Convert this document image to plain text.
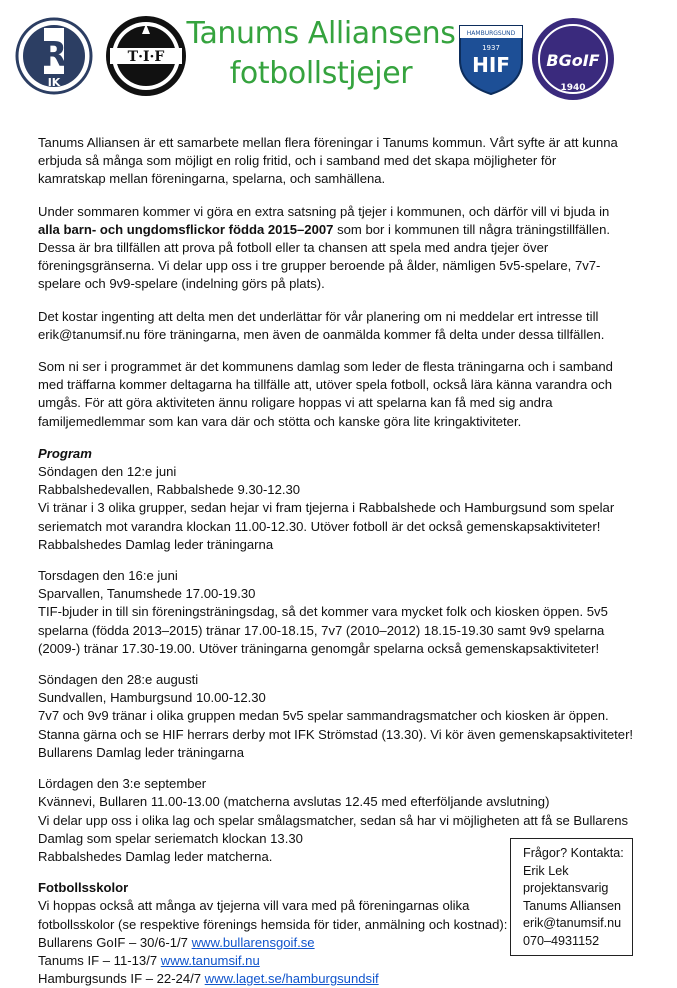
R
IK
T·I·F
Tanums Alliansens
fotbollstjejer
HAMBURGSUND
1937
HIF BGoIF
1940

Tanums Alliansen är ett samarbete mellan flera föreningar i Tanums kommun. Vårt syfte är att kunna
erbjuda så många som möjligt en rolig fritid, och i samband med det skapa möjligheter för
kamratskap mellan föreningarna, spelarna, och samhällena.

Under sommaren kommer vi göra en extra satsning på tjejer i kommunen, och därför vill vi bjuda in
alla barn- och ungdomsflickor födda 2015–2007 som bor i kommunen till några träningstillfällen.
Dessa är bra tillfällen att prova på fotboll eller ta chansen att spela med andra tjejer över
föreningsgränserna. Vi delar upp oss i tre grupper beroende på ålder, nämligen 5v5-spelare, 7v7-
spelare och 9v9-spelare (indelning görs på plats).
Det kostar ingenting att delta men det underlättar för vår planering om ni meddelar ert intresse till
erik@tanumsif.nu före träningarna, men även de oanmälda kommer få delta under dessa tillfällen.
Som ni ser i programmet är det kommunens damlag som leder de flesta träningarna och i samband
med träffarna kommer deltagarna ha tillfälle att, utöver spela fotboll, också lära känna varandra och
umgås. För att göra aktiviteten ännu roligare hoppas vi att spelarna kan få med sig andra
familjemedlemmar som kan vara där och stötta och kanske göra lite kringaktiviteter.
Program
Söndagen den 12:e juni
Rabbalshedevallen, Rabbalshede 9.30-12.30
Vi tränar i 3 olika grupper, sedan hejar vi fram tjejerna i Rabbalshede och Hamburgsund som spelar
seriematch mot varandra klockan 11.00-12.30. Utöver fotboll är det också gemenskapsaktiviteter!
Rabbalshedes Damlag leder träningarna
Torsdagen den 16:e juni
Sparvallen, Tanumshede 17.00-19.30
TIF-bjuder in till sin föreningsträningsdag, så det kommer vara mycket folk och kiosken öppen. 5v5
spelarna (födda 2013–2015) tränar 17.00-18.15, 7v7 (2010–2012) 18.15-19.30 samt 9v9 spelarna
(2009-) tränar 17.30-19.00. Utöver träningarna genomgår spelarna också gemenskapsaktiviteter!
Söndagen den 28:e augusti
Sundvallen, Hamburgsund 10.00-12.30
7v7 och 9v9 tränar i olika gruppen medan 5v5 spelar sammandragsmatcher och kiosken är öppen.
Stanna gärna och se HIF herrars derby mot IFK Strömstad (13.30). Vi kör även gemenskapsaktiviteter!
Bullarens Damlag leder träningarna
Lördagen den 3:e september
Kvännevi, Bullaren 11.00-13.00 (matcherna avslutas 12.45 med efterföljande avslutning)
Vi delar upp oss i olika lag och spelar smålagsmatcher, sedan så har vi möjligheten att få se Bullarens
Damlag som spelar seriematch klockan 13.30
Rabbalshedes Damlag leder matcherna.
Fotbollsskolor
Vi hoppas också att många av tjejerna vill vara med på föreningarnas olika
fotbollsskolor (se respektive förenings hemsida för tider, anmälning och kostnad):
Bullarens GoIF – 30/6-1/7 www.bullarensgoif.se
Tanums IF – 11-13/7 www.tanumsif.nu
Hamburgsunds IF – 22-24/7 www.laget.se/hamburgsundsif
Frågor? Kontakta:
Erik Lek
projektansvarig
Tanums Alliansen
erik@tanumsif.nu
070–4931152
